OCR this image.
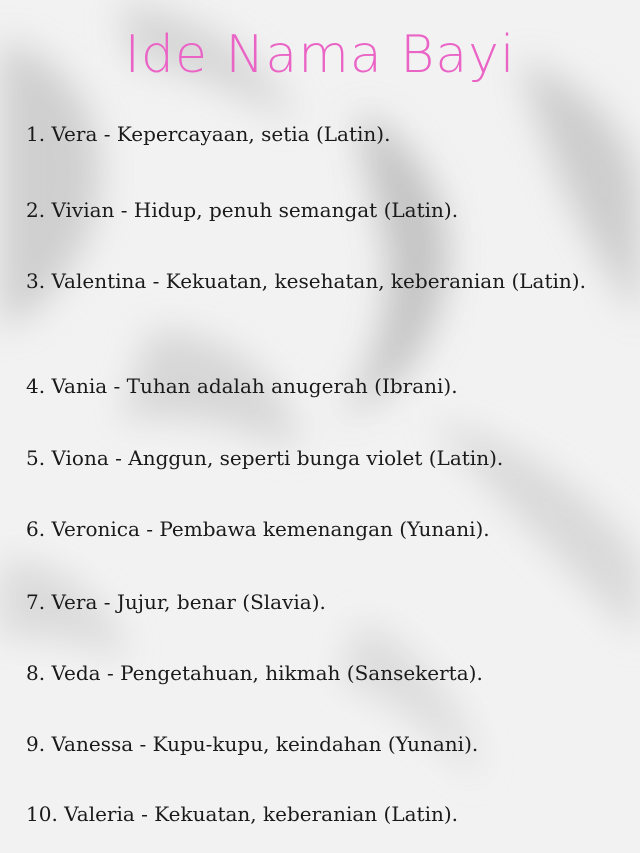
Ide Nama Bayi
1. Vera - Kepercayaan, setia (Latin).
2. Vivian - Hidup, penuh semangat (Latin).
3. Valentina - Kekuatan, kesehatan, keberanian (Latin).
4. Vania - Tuhan adalah anugerah (Ibrani).
5. Viona - Anggun, seperti bunga violet (Latin).
6. Veronica - Pembawa kemenangan (Yunani).
7. Vera - Jujur, benar (Slavia).
8. Veda - Pengetahuan, hikmah (Sansekerta).
9. Vanessa - Kupu-kupu, keindahan (Yunani).
10. Valeria - Kekuatan, keberanian (Latin).
